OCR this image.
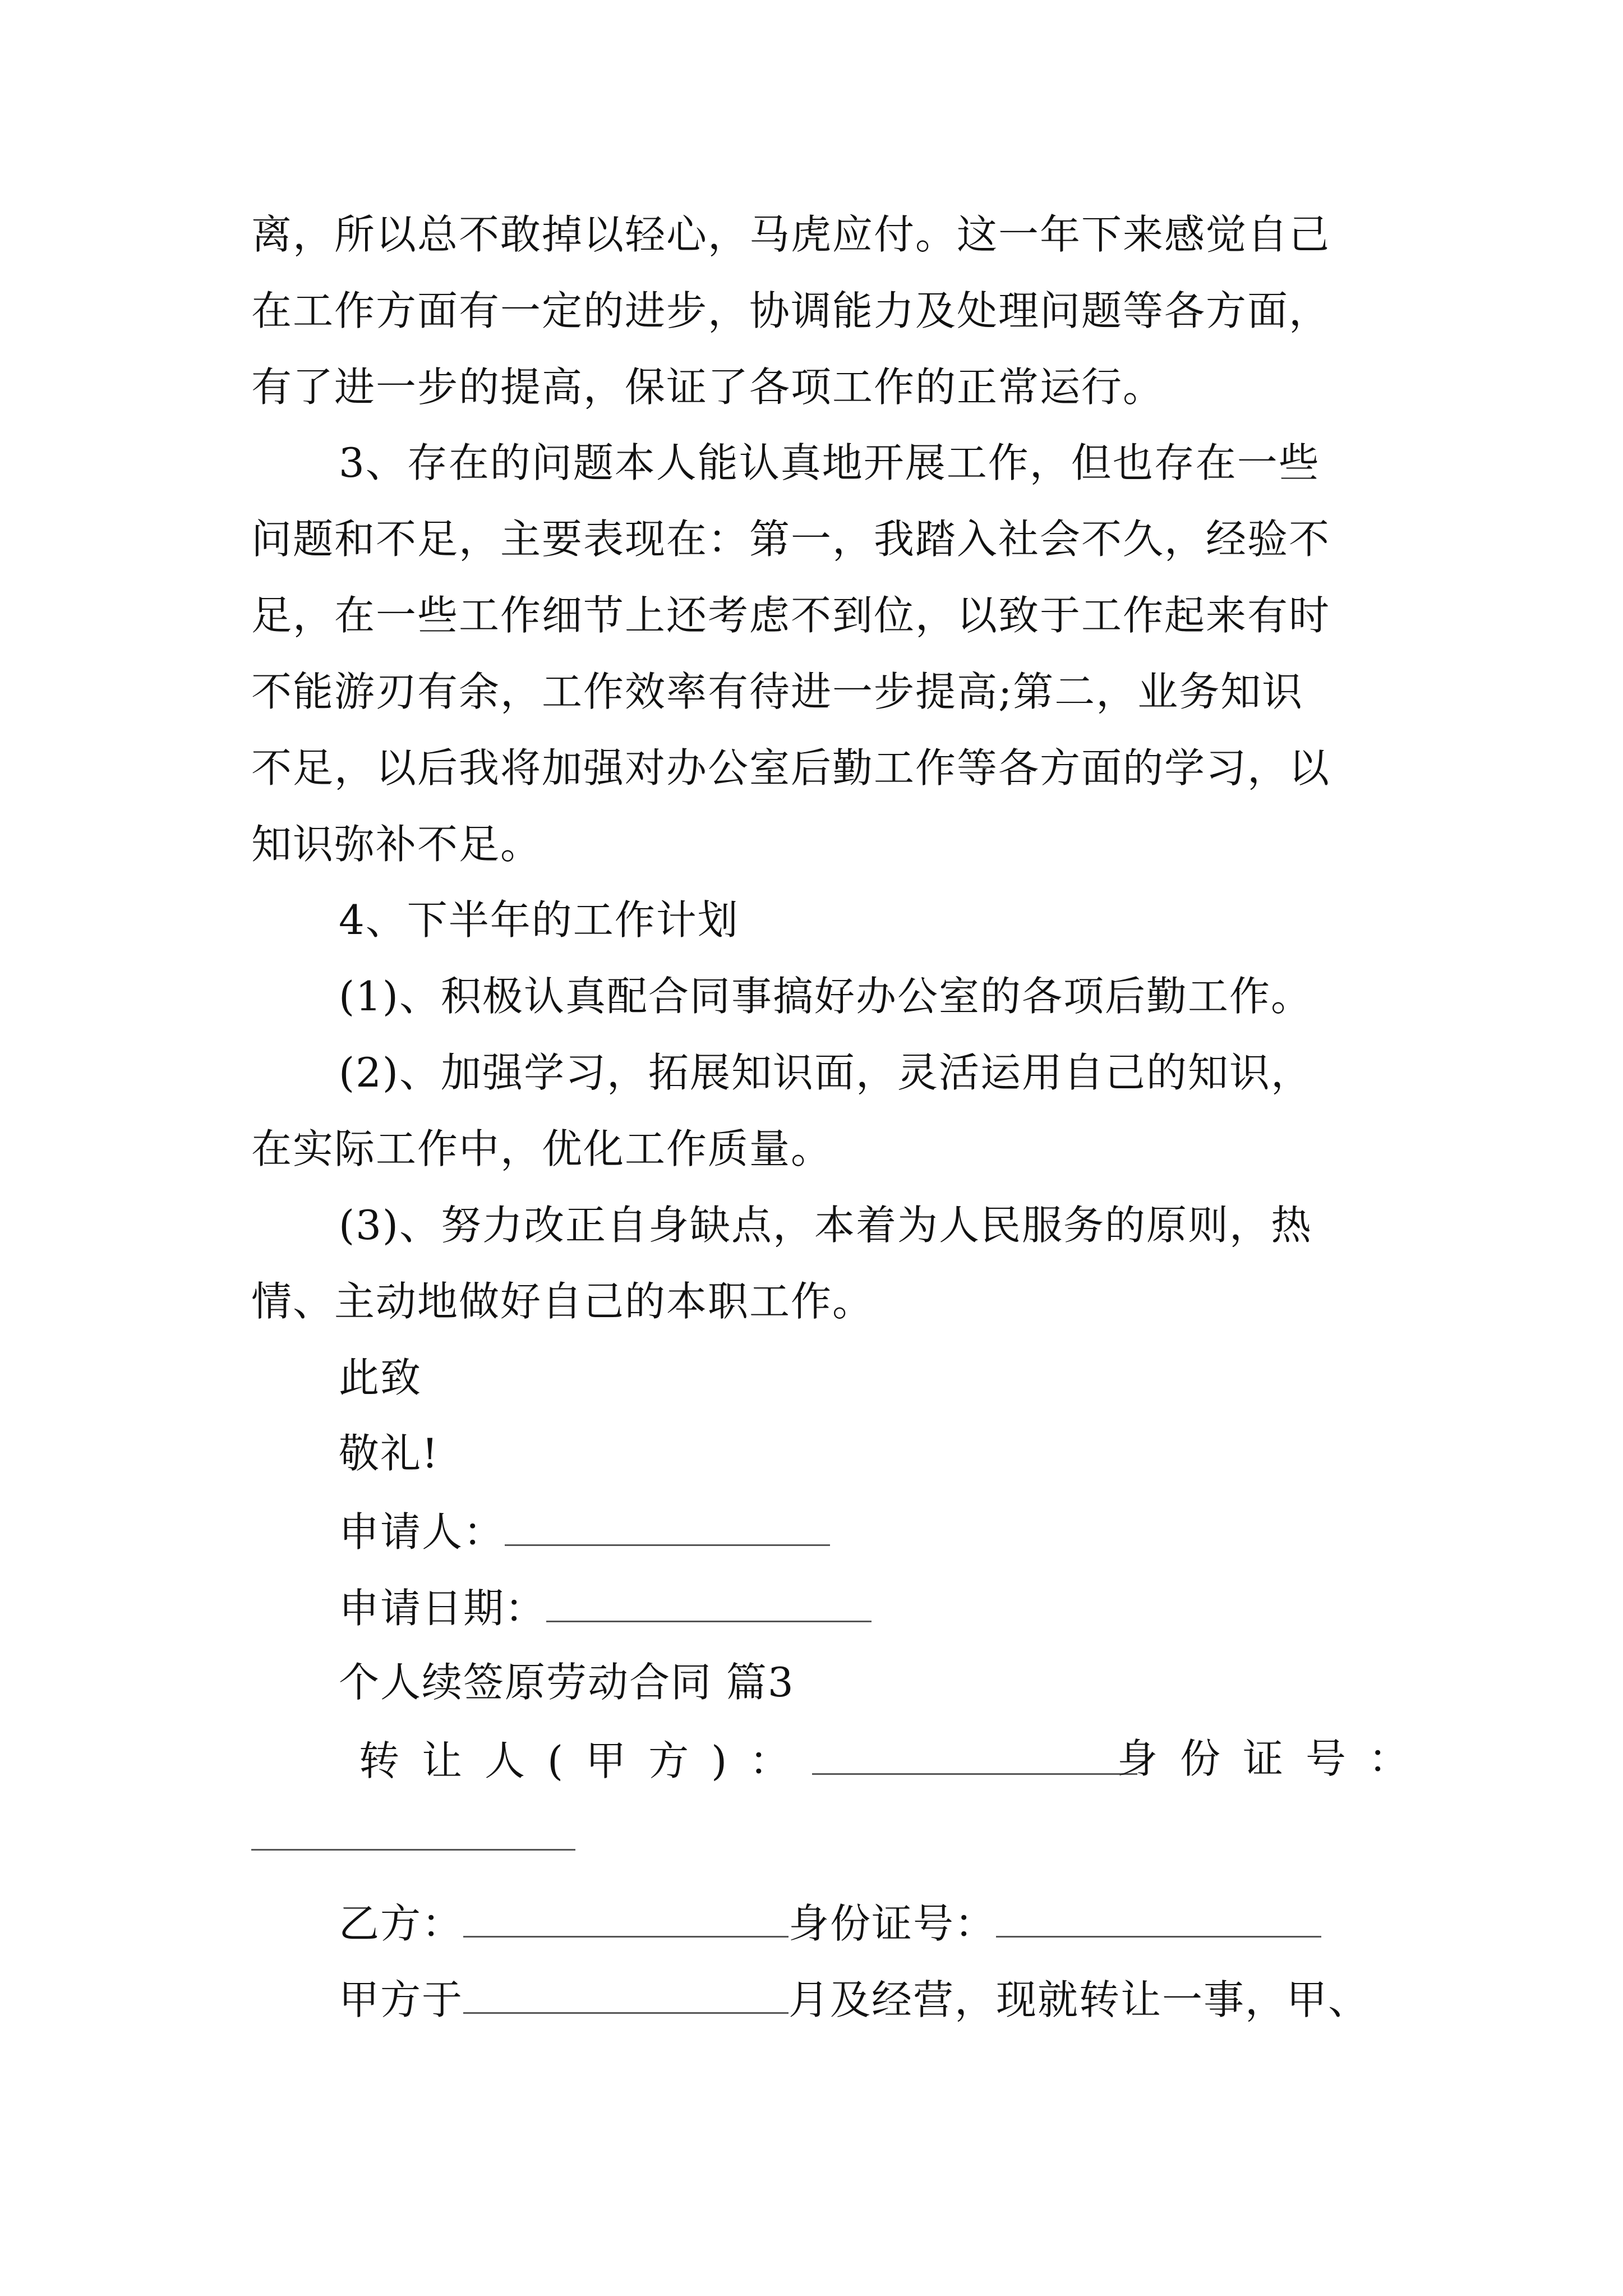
离，所以总不敢掉以轻心，马虎应付。这一年下来感觉自己
在工作方面有一定的进步，协调能力及处理问题等各方面，
有了进一步的提高，保证了各项工作的正常运行。
3、存在的问题本人能认真地开展工作，但也存在一些
问题和不足，主要表现在：第一，我踏入社会不久，经验不
足，在一些工作细节上还考虑不到位，以致于工作起来有时
不能游刃有余，工作效率有待进一步提高;第二，业务知识
不足，以后我将加强对办公室后勤工作等各方面的学习，以
知识弥补不足。
4、下半年的工作计划
(1)、积极认真配合同事搞好办公室的各项后勤工作。
(2)、加强学习，拓展知识面，灵活运用自己的知识，
在实际工作中，优化工作质量。
(3)、努力改正自身缺点，本着为人民服务的原则，热
情、主动地做好自己的本职工作。
此致
敬礼!
申请人：
申请日期：
个人续签原劳动合同 篇3
转让人(甲方)：	身份证号：
乙方：	身份证号：
甲方于	月及经营，现就转让一事，甲、
